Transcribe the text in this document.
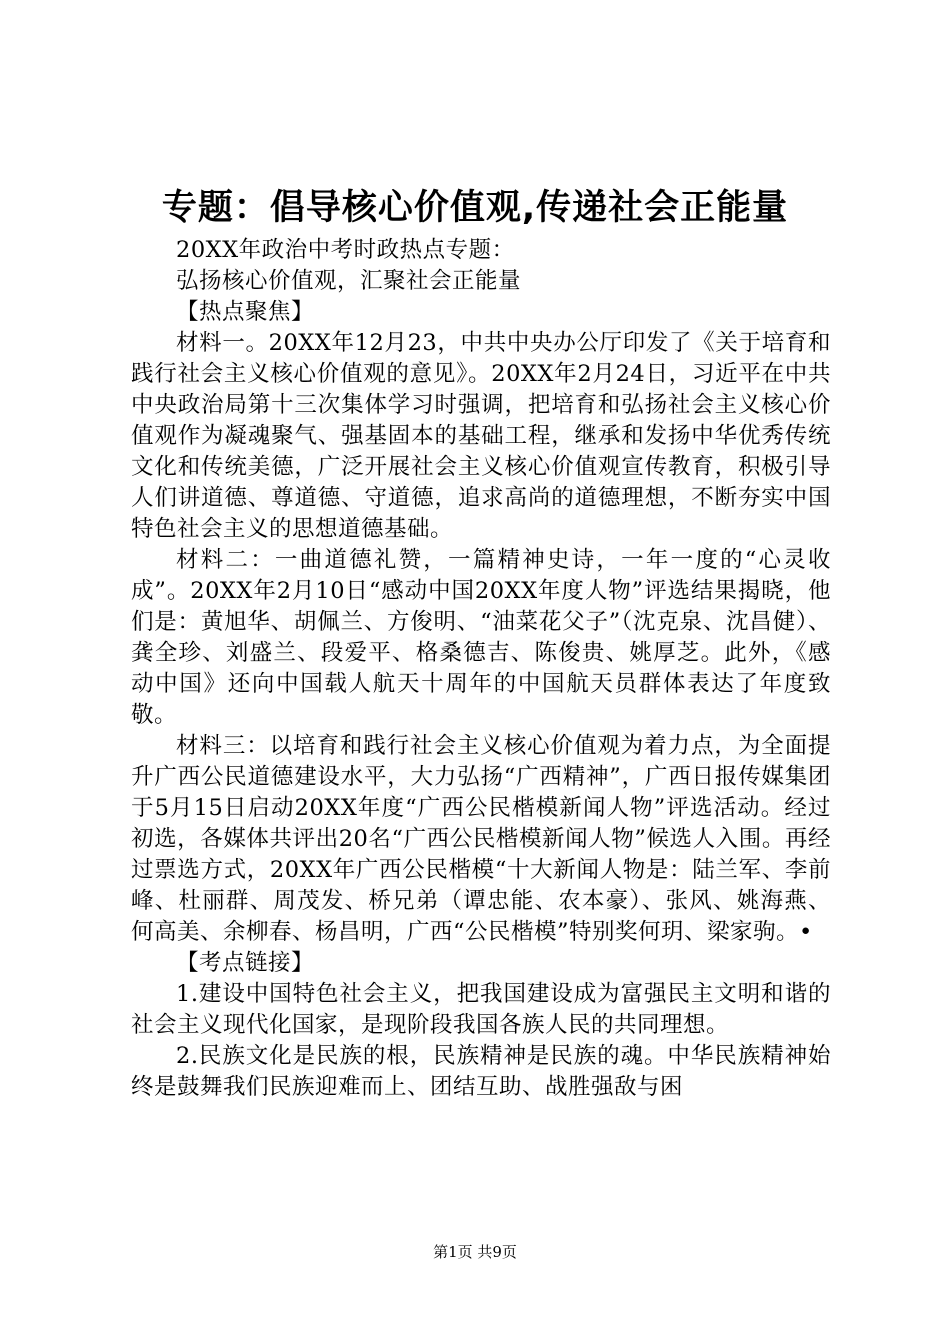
专题：倡导核心价值观,传递社会正能量

20XX年政治中考时政热点专题：

弘扬核心价值观，汇聚社会正能量

【热点聚焦】

材料一。20XX年12月23，中共中央办公厅印发了《关于培育和践行社会主义核心价值观的意见》。20XX年2月24日，习近平在中共中央政治局第十三次集体学习时强调，把培育和弘扬社会主义核心价值观作为凝魂聚气、强基固本的基础工程，继承和发扬中华优秀传统文化和传统美德，广泛开展社会主义核心价值观宣传教育，积极引导人们讲道德、尊道德、守道德，追求高尚的道德理想，不断夯实中国特色社会主义的思想道德基础。

材料二：一曲道德礼赞，一篇精神史诗，一年一度的“心灵收成”。20XX年2月10日“感动中国20XX年度人物”评选结果揭晓，他们是：黄旭华、胡佩兰、方俊明、“油菜花父子”（沈克泉、沈昌健）、龚全珍、刘盛兰、段爱平、格桑德吉、陈俊贵、姚厚芝。此外，《感动中国》还向中国载人航天十周年的中国航天员群体表达了年度致敬。

材料三：以培育和践行社会主义核心价值观为着力点，为全面提升广西公民道德建设水平，大力弘扬“广西精神”，广西日报传媒集团于5月15日启动20XX年度“广西公民楷模新闻人物”评选活动。经过初选，各媒体共评出20名“广西公民楷模新闻人物”候选人入围。再经过票选方式，20XX年广西公民楷模“十大新闻人物是：陆兰军、李前峰、杜丽群、周茂发、桥兄弟（谭忠能、农本豪）、张风、姚海燕、何高美、余柳春、杨昌明，广西“公民楷模”特别奖何玥、梁家驹。•

【考点链接】

1.建设中国特色社会主义，把我国建设成为富强民主文明和谐的社会主义现代化国家，是现阶段我国各族人民的共同理想。

2.民族文化是民族的根，民族精神是民族的魂。中华民族精神始终是鼓舞我们民族迎难而上、团结互助、战胜强敌与困

第1页 共9页
